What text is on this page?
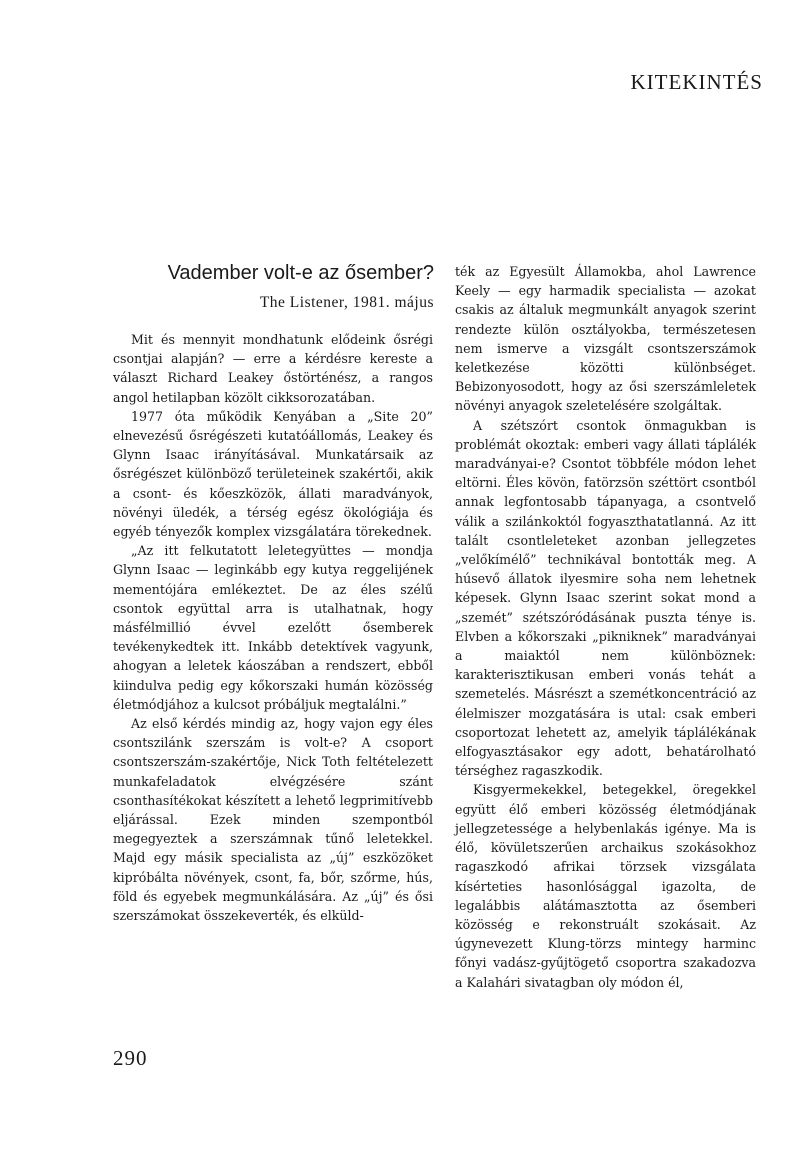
KITEKINTÉS
Vadember volt-e az ősember?
The Listener, 1981. május

Mit és mennyit mondhatunk elődeink ősrégi csontjai alapján? — erre a kérdésre kereste a választ Richard Leakey őstörténész, a rangos angol hetilapban közölt cikksorozatában.

1977 óta működik Kenyában a „Site 20” elnevezésű ősrégészeti kutatóállomás, Leakey és Glynn Isaac irányításával. Munkatársaik az ősrégészet különböző területeinek szakértői, akik a csont- és kőeszközök, állati maradványok, növényi üledék, a térség egész ökológiája és egyéb tényezők komplex vizsgálatára törekednek.

„Az itt felkutatott leletegyüttes — mondja Glynn Isaac — leginkább egy kutya reggelijének mementójára emlékeztet. De az éles szélű csontok együttal arra is utalhatnak, hogy másfélmillió évvel ezelőtt ősemberek tevékenykedtek itt. Inkább detektívek vagyunk, ahogyan a leletek káoszában a rendszert, ebből kiindulva pedig egy kőkorszaki humán közösség életmódjához a kulcsot próbáljuk megtalálni.”

Az első kérdés mindig az, hogy vajon egy éles csontszilánk szerszám is volt-e? A csoport csontszerszám-szakértője, Nick Toth feltételezett munkafeladatok elvégzésére szánt csonthasítékokat készített a lehető legprimitívebb eljárással. Ezek minden szempontból megegyeztek a szerszámnak tűnő leletekkel. Majd egy másik specialista az „új” eszközöket kipróbálta növények, csont, fa, bőr, szőrme, hús, föld és egyebek megmunkálására. Az „új” és ősi szerszámokat összekeverték, és elküld-

ték az Egyesült Államokba, ahol Lawrence Keely — egy harmadik specialista — azokat csakis az általuk megmunkált anyagok szerint rendezte külön osztályokba, természetesen nem ismerve a vizsgált csontszerszámok keletkezése közötti különbséget. Bebizonyosodott, hogy az ősi szerszámleletek növényi anyagok szeletelésére szolgáltak.

A szétszórt csontok önmagukban is problémát okoztak: emberi vagy állati táplálék maradványai-e? Csontot többféle módon lehet eltörni. Éles kövön, fatörzsön széttört csontból annak legfontosabb tápanyaga, a csontvelő válik a szilánkoktól fogyaszthatatlanná. Az itt talált csontleleteket azonban jellegzetes „velőkímélő” technikával bontották meg. A húsevő állatok ilyesmire soha nem lehetnek képesek. Glynn Isaac szerint sokat mond a „szemét” szétszóródásának puszta ténye is. Elvben a kőkorszaki „pikniknek” maradványai a maiaktól nem különböznek: karakterisztikusan emberi vonás tehát a szemetelés. Másrészt a szemétkoncentráció az élelmiszer mozgatására is utal: csak emberi csoportozat lehetett az, amelyik táplálékának elfogyasztásakor egy adott, behatárolható térséghez ragaszkodik.

Kisgyermekekkel, betegekkel, öregekkel együtt élő emberi közösség életmódjának jellegzetessége a helybenlakás igénye. Ma is élő, kövületszerűen archaikus szokásokhoz ragaszkodó afrikai törzsek vizsgálata kísérteties hasonlósággal igazolta, de legalábbis alátámasztotta az ősemberi közösség e rekonstruált szokásait. Az úgynevezett Klung-törzs mintegy harminc főnyi vadász-gyűjtögető csoportra szakadozva a Kalahári sivatagban oly módon él,

290
